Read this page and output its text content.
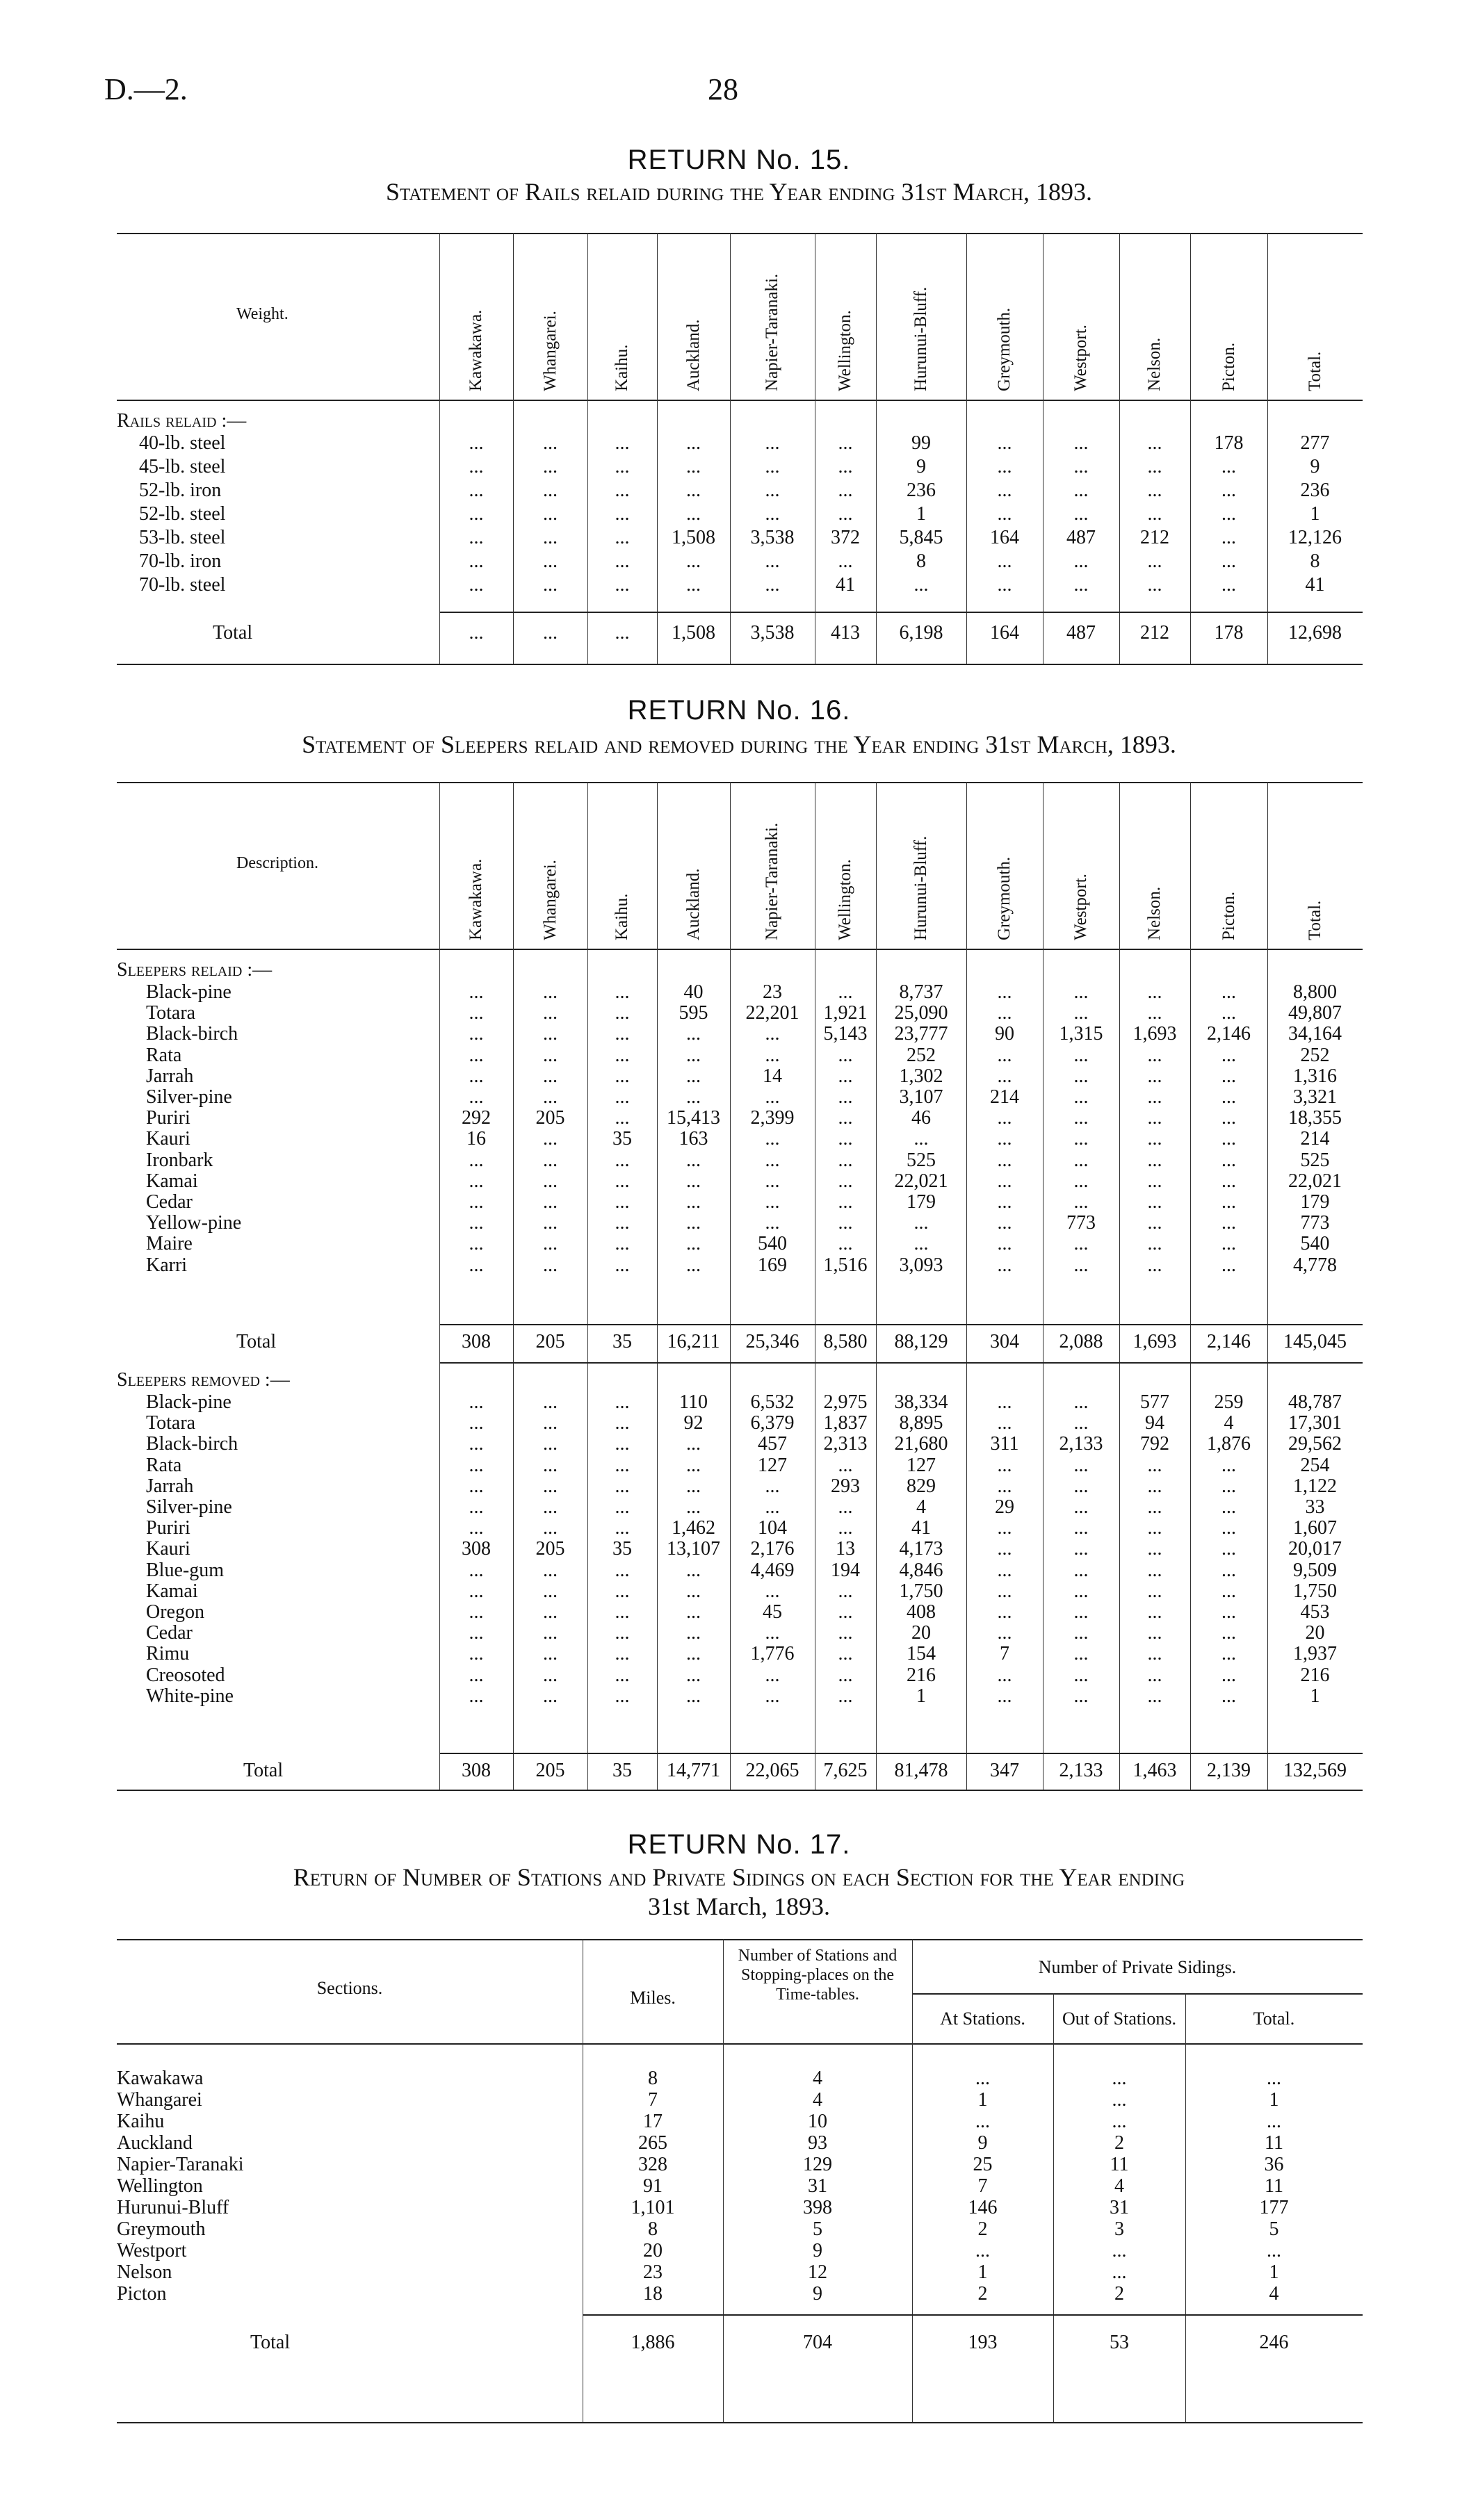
D.—2.	28
RETURN No. 15.
Statement of Rails relaid during the Year ending 31st March, 1893.
Weight.	Kawakawa.	Whangarei.	Kaihu.	Auckland.	Napier-Taranaki.	Wellington.	Hurunui-Bluff.	Greymouth.	Westport.	Nelson.	Picton.	Total.
Rails relaid :—
40-lb. steel	...	...	...	...	...	...	99	...	...	...	178	277
45-lb. steel	...	...	...	...	...	...	9	...	...	...	...	9
52-lb. iron	...	...	...	...	...	...	236	...	...	...	...	236
52-lb. steel	...	...	...	...	...	...	1	...	...	...	...	1
53-lb. steel	...	...	...	1,508	3,538	372	5,845	164	487	212	...	12,126
70-lb. iron	...	...	...	...	...	...	8	...	...	...	...	8
70-lb. steel	...	...	...	...	...	41	...	...	...	...	...	41
Total	...	...	...	1,508	3,538	413	6,198	164	487	212	178	12,698
RETURN No. 16.
Statement of Sleepers relaid and removed during the Year ending 31st March, 1893.
Description.	Kawakawa.	Whangarei.	Kaihu.	Auckland.	Napier-Taranaki.	Wellington.	Hurunui-Bluff.	Greymouth.	Westport.	Nelson.	Picton.	Total.
Sleepers relaid :—
Black-pine	...	...	...	40	23	...	8,737	...	...	...	...	8,800
Totara	...	...	...	595	22,201	1,921	25,090	...	...	...	...	49,807
Black-birch	...	...	...	...	...	5,143	23,777	90	1,315	1,693	2,146	34,164
Rata	...	...	...	...	...	...	252	...	...	...	...	252
Jarrah	...	...	...	...	14	...	1,302	...	...	...	...	1,316
Silver-pine	...	...	...	...	...	...	3,107	214	...	...	...	3,321
Puriri	292	205	...	15,413	2,399	...	46	...	...	...	...	18,355
Kauri	16	...	35	163	...	...	...	...	...	...	...	214
Ironbark	...	...	...	...	...	...	525	...	...	...	...	525
Kamai	...	...	...	...	...	...	22,021	...	...	...	...	22,021
Cedar	...	...	...	...	...	...	179	...	...	...	...	179
Yellow-pine	...	...	...	...	...	...	...	...	773	...	...	773
Maire	...	...	...	...	540	...	...	...	...	...	...	540
Karri	...	...	...	...	169	1,516	3,093	...	...	...	...	4,778
Total	308	205	35	16,211	25,346	8,580	88,129	304	2,088	1,693	2,146	145,045
Sleepers removed :—
Black-pine	...	...	...	110	6,532	2,975	38,334	...	...	577	259	48,787
Totara	...	...	...	92	6,379	1,837	8,895	...	...	94	4	17,301
Black-birch	...	...	...	...	457	2,313	21,680	311	2,133	792	1,876	29,562
Rata	...	...	...	...	127	...	127	...	...	...	...	254
Jarrah	...	...	...	...	...	293	829	...	...	...	...	1,122
Silver-pine	...	...	...	...	...	...	4	29	...	...	...	33
Puriri	...	...	...	1,462	104	...	41	...	...	...	...	1,607
Kauri	308	205	35	13,107	2,176	13	4,173	...	...	...	...	20,017
Blue-gum	...	...	...	...	4,469	194	4,846	...	...	...	...	9,509
Kamai	...	...	...	...	...	...	1,750	...	...	...	...	1,750
Oregon	...	...	...	...	45	...	408	...	...	...	...	453
Cedar	...	...	...	...	...	...	20	...	...	...	...	20
Rimu	...	...	...	...	1,776	...	154	7	...	...	...	1,937
Creosoted	...	...	...	...	...	...	216	...	...	...	...	216
White-pine	...	...	...	...	...	...	1	...	...	...	...	1
Total	308	205	35	14,771	22,065	7,625	81,478	347	2,133	1,463	2,139	132,569
RETURN No. 17.
Return of Number of Stations and Private Sidings on each Section for the Year ending
31st March, 1893.
Sections.	Miles.
Number of Stations and Stopping-places on the Time-tables.
Number of Private Sidings.
At Stations.	Out of Stations.	Total.
Kawakawa	8	4	...	...	...
Whangarei	7	4	1	...	1
Kaihu	17	10	...	...	...
Auckland	265	93	9	2	11
Napier-Taranaki	328	129	25	11	36
Wellington	91	31	7	4	11
Hurunui-Bluff	1,101	398	146	31	177
Greymouth	8	5	2	3	5
Westport	20	9	...	...	...
Nelson	23	12	1	...	1
Picton	18	9	2	2	4
Total	1,886	704	193	53	246
